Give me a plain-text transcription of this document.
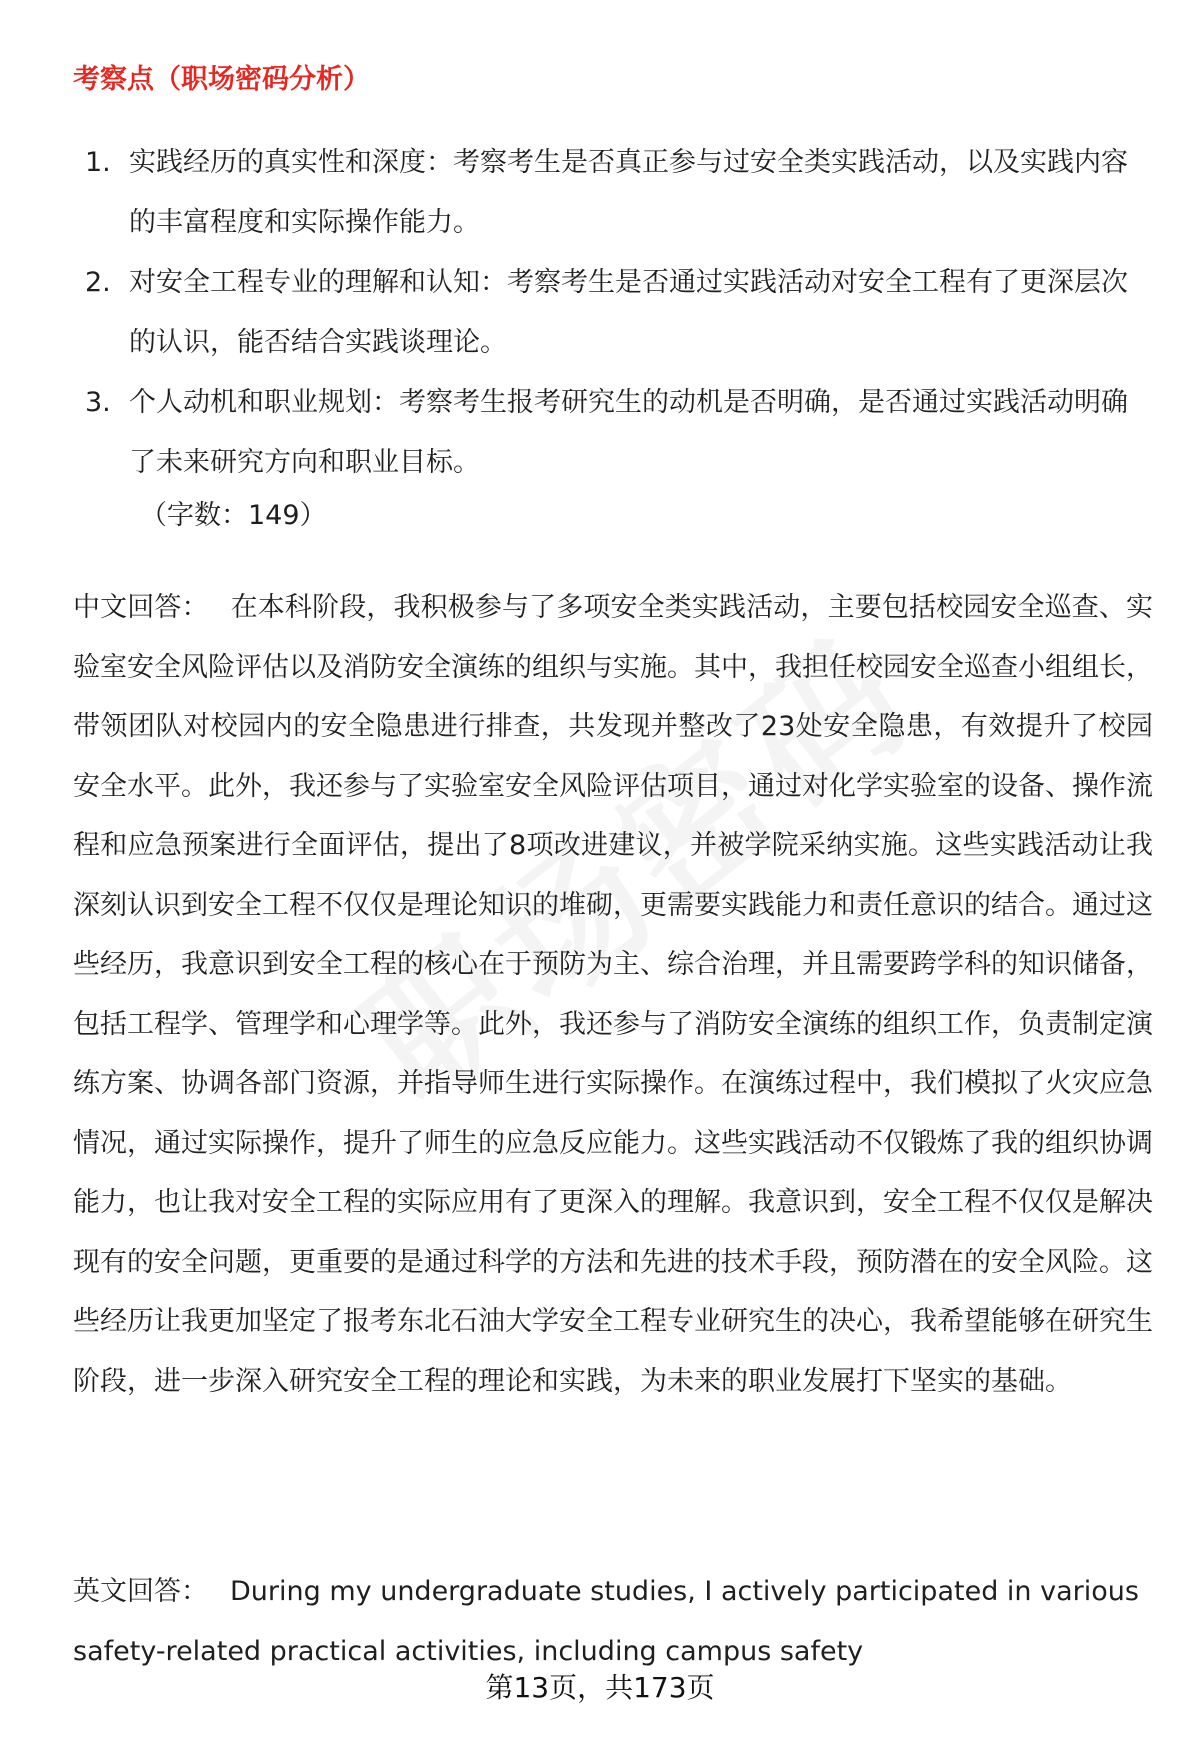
考察点（职场密码分析）
1. 实践经历的真实性和深度：考察考生是否真正参与过安全类实践活动，以及实践内容的丰富程度和实际操作能力。
2. 对安全工程专业的理解和认知：考察考生是否通过实践活动对安全工程有了更深层次的认识，能否结合实践谈理论。
3. 个人动机和职业规划：考察考生报考研究生的动机是否明确，是否通过实践活动明确了未来研究方向和职业目标。
（字数：149）

中文回答： 在本科阶段，我积极参与了多项安全类实践活动，主要包括校园安全巡查、实验室安全风险评估以及消防安全演练的组织与实施。其中，我担任校园安全巡查小组组长，带领团队对校园内的安全隐患进行排查，共发现并整改了23处安全隐患，有效提升了校园安全水平。此外，我还参与了实验室安全风险评估项目，通过对化学实验室的设备、操作流程和应急预案进行全面评估，提出了8项改进建议，并被学院采纳实施。这些实践活动让我深刻认识到安全工程不仅仅是理论知识的堆砌，更需要实践能力和责任意识的结合。通过这些经历，我意识到安全工程的核心在于预防为主、综合治理，并且需要跨学科的知识储备，包括工程学、管理学和心理学等。此外，我还参与了消防安全演练的组织工作，负责制定演练方案、协调各部门资源，并指导师生进行实际操作。在演练过程中，我们模拟了火灾应急情况，通过实际操作，提升了师生的应急反应能力。这些实践活动不仅锻炼了我的组织协调能力，也让我对安全工程的实际应用有了更深入的理解。我意识到，安全工程不仅仅是解决现有的安全问题，更重要的是通过科学的方法和先进的技术手段，预防潜在的安全风险。这些经历让我更加坚定了报考东北石油大学安全工程专业研究生的决心，我希望能够在研究生阶段，进一步深入研究安全工程的理论和实践，为未来的职业发展打下坚实的基础。

英文回答： During my undergraduate studies, I actively participated in various safety-related practical activities, including campus safety

第13页，共173页
